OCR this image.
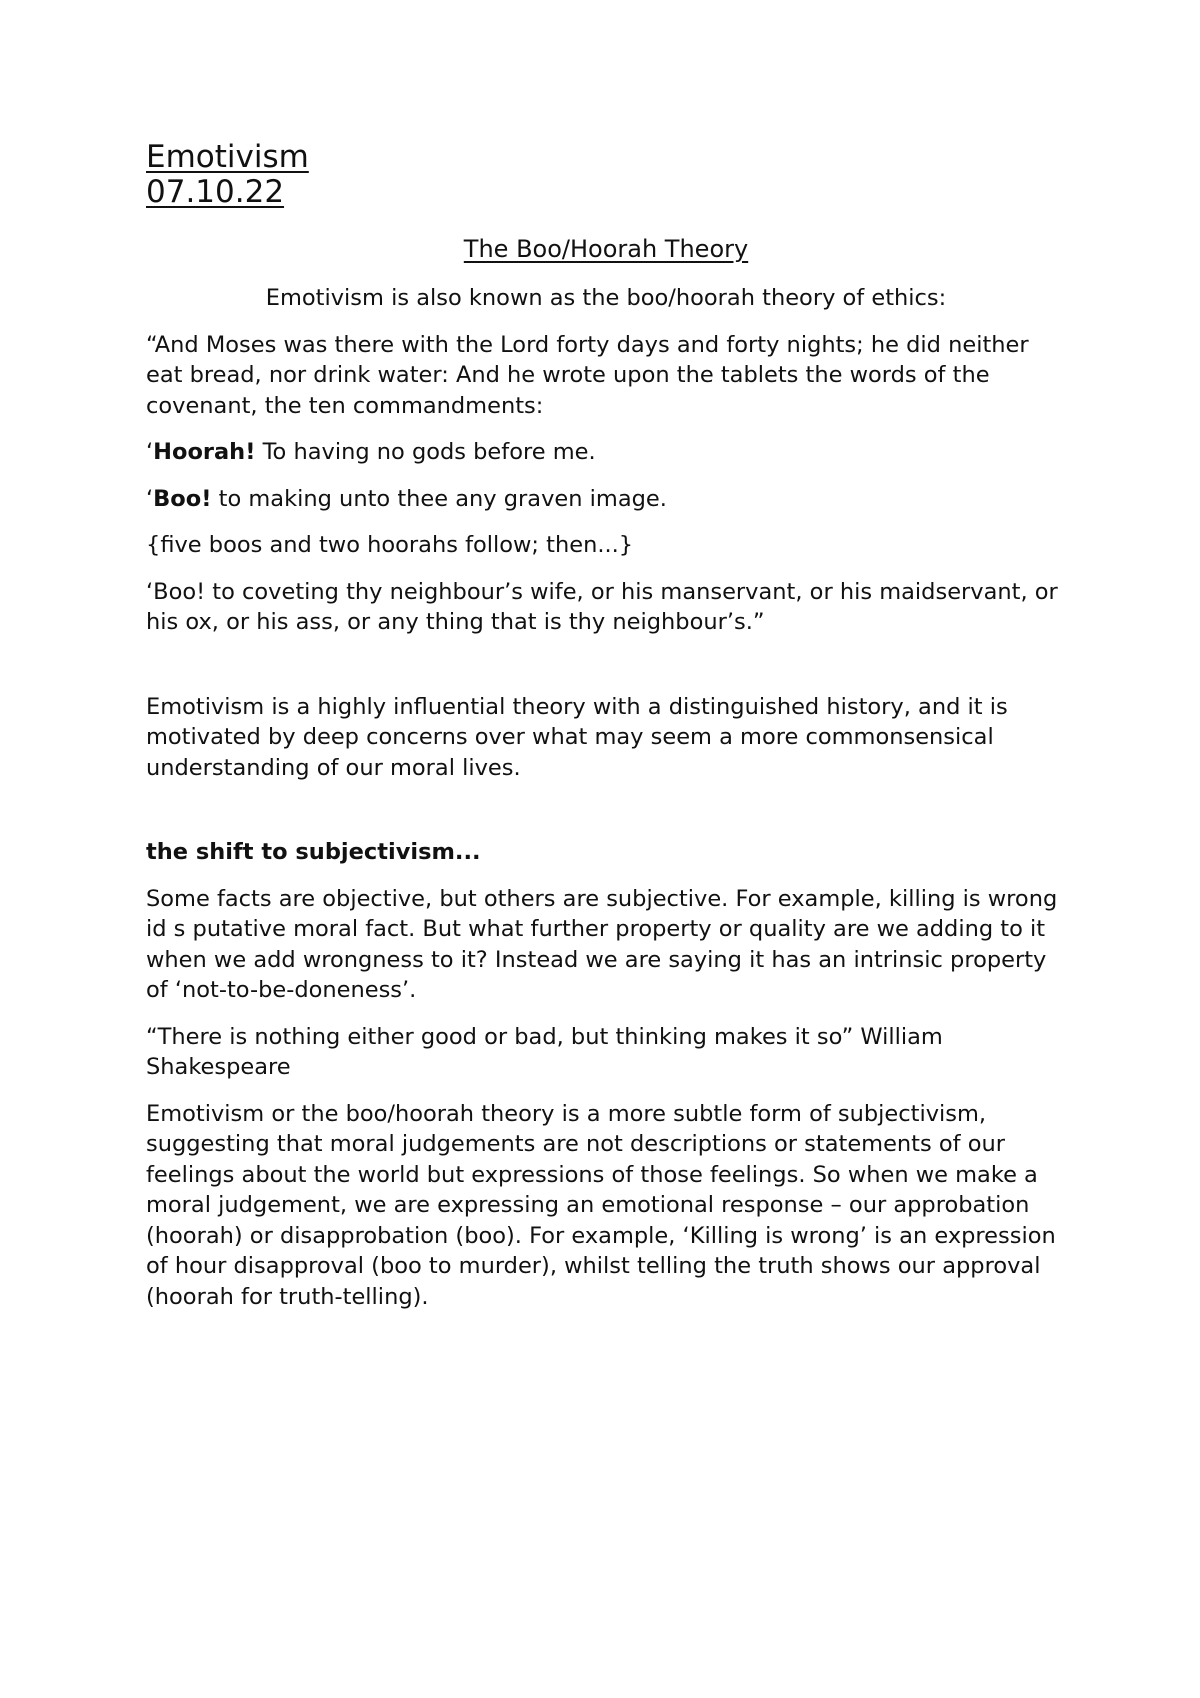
Emotivism
07.10.22
The Boo/Hoorah Theory

Emotivism is also known as the boo/hoorah theory of ethics:

“And Moses was there with the Lord forty days and forty nights; he did neither eat bread, nor drink water: And he wrote upon the tablets the words of the covenant, the ten commandments:

‘Hoorah! To having no gods before me.

‘Boo! to making unto thee any graven image.

{five boos and two hoorahs follow; then...}

‘Boo! to coveting thy neighbour’s wife, or his manservant, or his maidservant, or his ox, or his ass, or any thing that is thy neighbour’s.”

Emotivism is a highly influential theory with a distinguished history, and it is motivated by deep concerns over what may seem a more commonsensical understanding of our moral lives.

the shift to subjectivism...

Some facts are objective, but others are subjective. For example, killing is wrong id s putative moral fact. But what further property or quality are we adding to it when we add wrongness to it? Instead we are saying it has an intrinsic property of ‘not-to-be-doneness’.

“There is nothing either good or bad, but thinking makes it so” William Shakespeare

Emotivism or the boo/hoorah theory is a more subtle form of subjectivism, suggesting that moral judgements are not descriptions or statements of our feelings about the world but expressions of those feelings. So when we make a moral judgement, we are expressing an emotional response – our approbation (hoorah) or disapprobation (boo). For example, ‘Killing is wrong’ is an expression of hour disapproval (boo to murder), whilst telling the truth shows our approval (hoorah for truth-telling).
